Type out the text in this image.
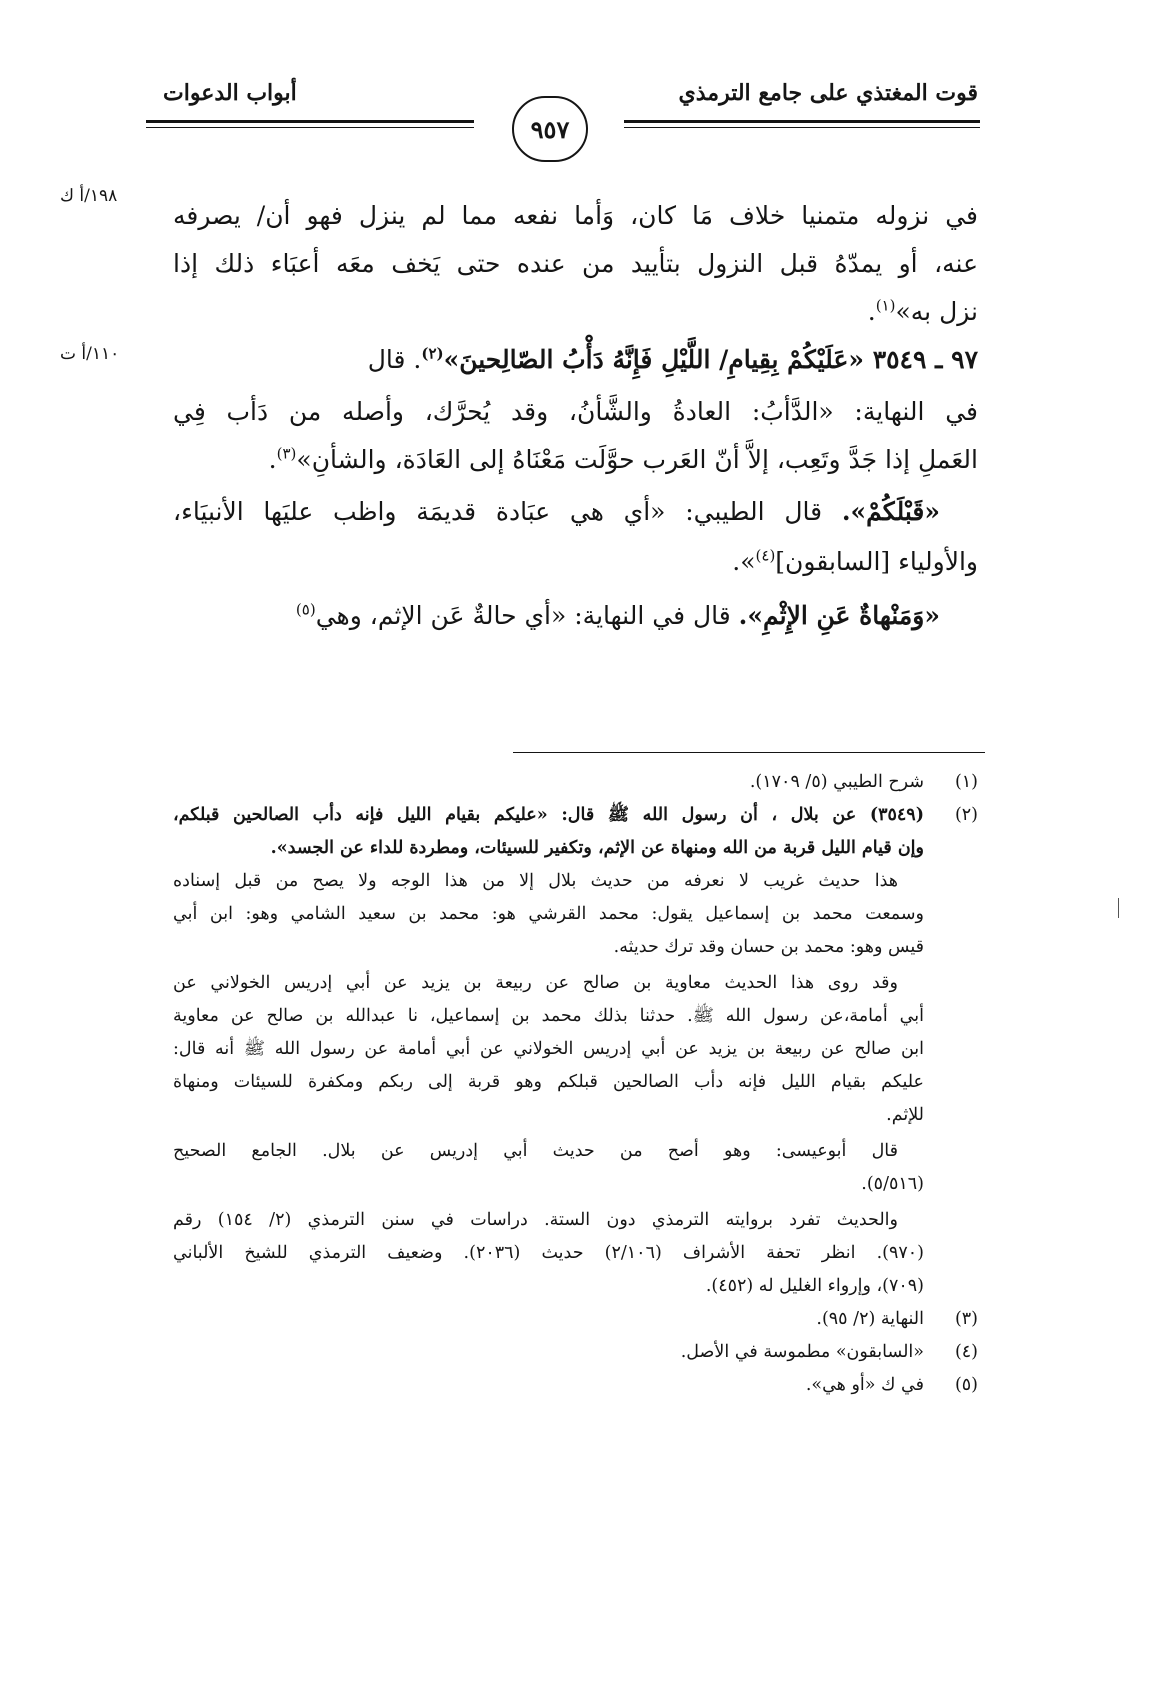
قوت المغتذي على جامع الترمذي
أبواب الدعوات
٩٥٧
١٩٨/أ ك
١١٠/أ ت
في نزوله متمنيا خلاف مَا كان، وَأما نفعه مما لم ينزل فهو أن/ يصرفه
عنه، أو يمدّهُ قبل النزول بتأييد من عنده حتى يَخف معَه أعبَاء ذلك إذا
نزل به»$^{(١)}$.
٩٧ ـ ٣٥٤٩ «عَلَيْكُمْ بِقِيامِ/ اللَّيْلِ فَإِنَّهُ دَأْبُ الصّالِحينَ»$^{(٢)}$. قال
في النهاية: «الدَّأبُ: العادةُ والشَّأنُ، وقد يُحرَّك، وأصله من دَأب فِي
العَملِ إذا جَدَّ وتَعِب، إلاَّ أنّ العَرب حوَّلَت مَعْنَاهُ إلى العَادَة، والشأنِ»$^{(٣)}$.
«قَبْلَكُمْ». قال الطيبي: «أي هي عبَادة قديمَة واظب عليَها الأنبيَاء،
والأولياء [السابقون]$^{(٤)}$».
«وَمَنْهاةٌ عَنِ الإِثْمِ». قال في النهاية: «أي حالةٌ عَن الإثم، وهي$^{(٥)}$
(١)شرح الطيبي (٥/ ١٧٠٩).
(٢)(٣٥٤٩) عن بلال ، أن رسول الله ﷺ قال: «عليكم بقيام الليل فإنه دأب الصالحين قبلكم،
وإن قيام الليل قربة من الله ومنهاة عن الإثم، وتكفير للسيئات، ومطردة للداء عن الجسد».
هذا حديث غريب لا نعرفه من حديث بلال إلا من هذا الوجه ولا يصح من قبل إسناده
وسمعت محمد بن إسماعيل يقول: محمد القرشي هو: محمد بن سعيد الشامي وهو: ابن أبي
قيس وهو: محمد بن حسان وقد ترك حديثه.
وقد روى هذا الحديث معاوية بن صالح عن ربيعة بن يزيد عن أبي إدريس الخولاني عن
أبي أمامة،عن رسول الله ﷺ. حدثنا بذلك محمد بن إسماعيل، نا عبدالله بن صالح عن معاوية
ابن صالح عن ربيعة بن يزيد عن أبي إدريس الخولاني عن أبي أمامة عن رسول الله ﷺ أنه قال:
عليكم بقيام الليل فإنه دأب الصالحين قبلكم وهو قربة إلى ربكم ومكفرة للسيئات ومنهاة
للإثم.
قال أبوعيسى: وهو أصح من حديث أبي إدريس عن بلال. الجامع الصحيح
(٥/٥١٦).
والحديث تفرد بروايته الترمذي دون الستة. دراسات في سنن الترمذي (٢/ ١٥٤) رقم
(٩٧٠). انظر تحفة الأشراف (٢/١٠٦) حديث (٢٠٣٦). وضعيف الترمذي للشيخ الألباني
(٧٠٩)، وإرواء الغليل له (٤٥٢).
(٣)النهاية (٢/ ٩٥).
(٤)«السابقون» مطموسة في الأصل.
(٥)في ك «أو هي».
